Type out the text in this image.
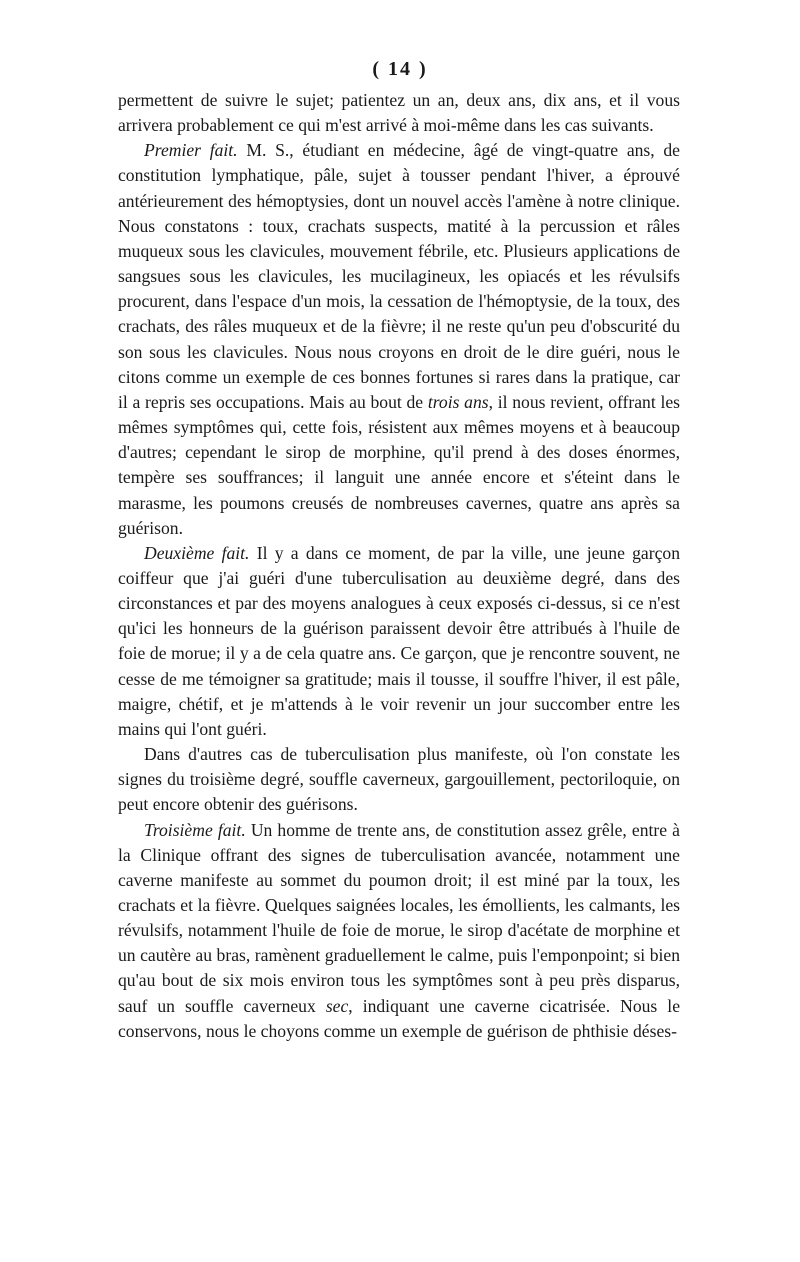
( 14 )

permettent de suivre le sujet; patientez un an, deux ans, dix ans, et il vous arrivera probablement ce qui m'est arrivé à moi-même dans les cas suivants.

Premier fait. M. S., étudiant en médecine, âgé de vingt-quatre ans, de constitution lymphatique, pâle, sujet à tousser pendant l'hiver, a éprouvé antérieurement des hémoptysies, dont un nouvel accès l'amène à notre clinique. Nous constatons : toux, crachats suspects, matité à la percussion et râles muqueux sous les clavicules, mouvement fébrile, etc. Plusieurs applications de sangsues sous les clavicules, les mucilagineux, les opiacés et les révulsifs procurent, dans l'espace d'un mois, la cessation de l'hémoptysie, de la toux, des crachats, des râles muqueux et de la fièvre; il ne reste qu'un peu d'obscurité du son sous les clavicules. Nous nous croyons en droit de le dire guéri, nous le citons comme un exemple de ces bonnes fortunes si rares dans la pratique, car il a repris ses occupations. Mais au bout de trois ans, il nous revient, offrant les mêmes symptômes qui, cette fois, résistent aux mêmes moyens et à beaucoup d'autres; cependant le sirop de morphine, qu'il prend à des doses énormes, tempère ses souffrances; il languit une année encore et s'éteint dans le marasme, les poumons creusés de nombreuses cavernes, quatre ans après sa guérison.

Deuxième fait. Il y a dans ce moment, de par la ville, une jeune garçon coiffeur que j'ai guéri d'une tuberculisation au deuxième degré, dans des circonstances et par des moyens analogues à ceux exposés ci-dessus, si ce n'est qu'ici les honneurs de la guérison paraissent devoir être attribués à l'huile de foie de morue; il y a de cela quatre ans. Ce garçon, que je rencontre souvent, ne cesse de me témoigner sa gratitude; mais il tousse, il souffre l'hiver, il est pâle, maigre, chétif, et je m'attends à le voir revenir un jour succomber entre les mains qui l'ont guéri.

Dans d'autres cas de tuberculisation plus manifeste, où l'on constate les signes du troisième degré, souffle caverneux, gargouillement, pectoriloquie, on peut encore obtenir des guérisons.

Troisième fait. Un homme de trente ans, de constitution assez grêle, entre à la Clinique offrant des signes de tuberculisation avancée, notamment une caverne manifeste au sommet du poumon droit; il est miné par la toux, les crachats et la fièvre. Quelques saignées locales, les émollients, les calmants, les révulsifs, notamment l'huile de foie de morue, le sirop d'acétate de morphine et un cautère au bras, ramènent graduellement le calme, puis l'emponpoint; si bien qu'au bout de six mois environ tous les symptômes sont à peu près disparus, sauf un souffle caverneux sec, indiquant une caverne cicatrisée. Nous le conservons, nous le choyons comme un exemple de guérison de phthisie déses-
